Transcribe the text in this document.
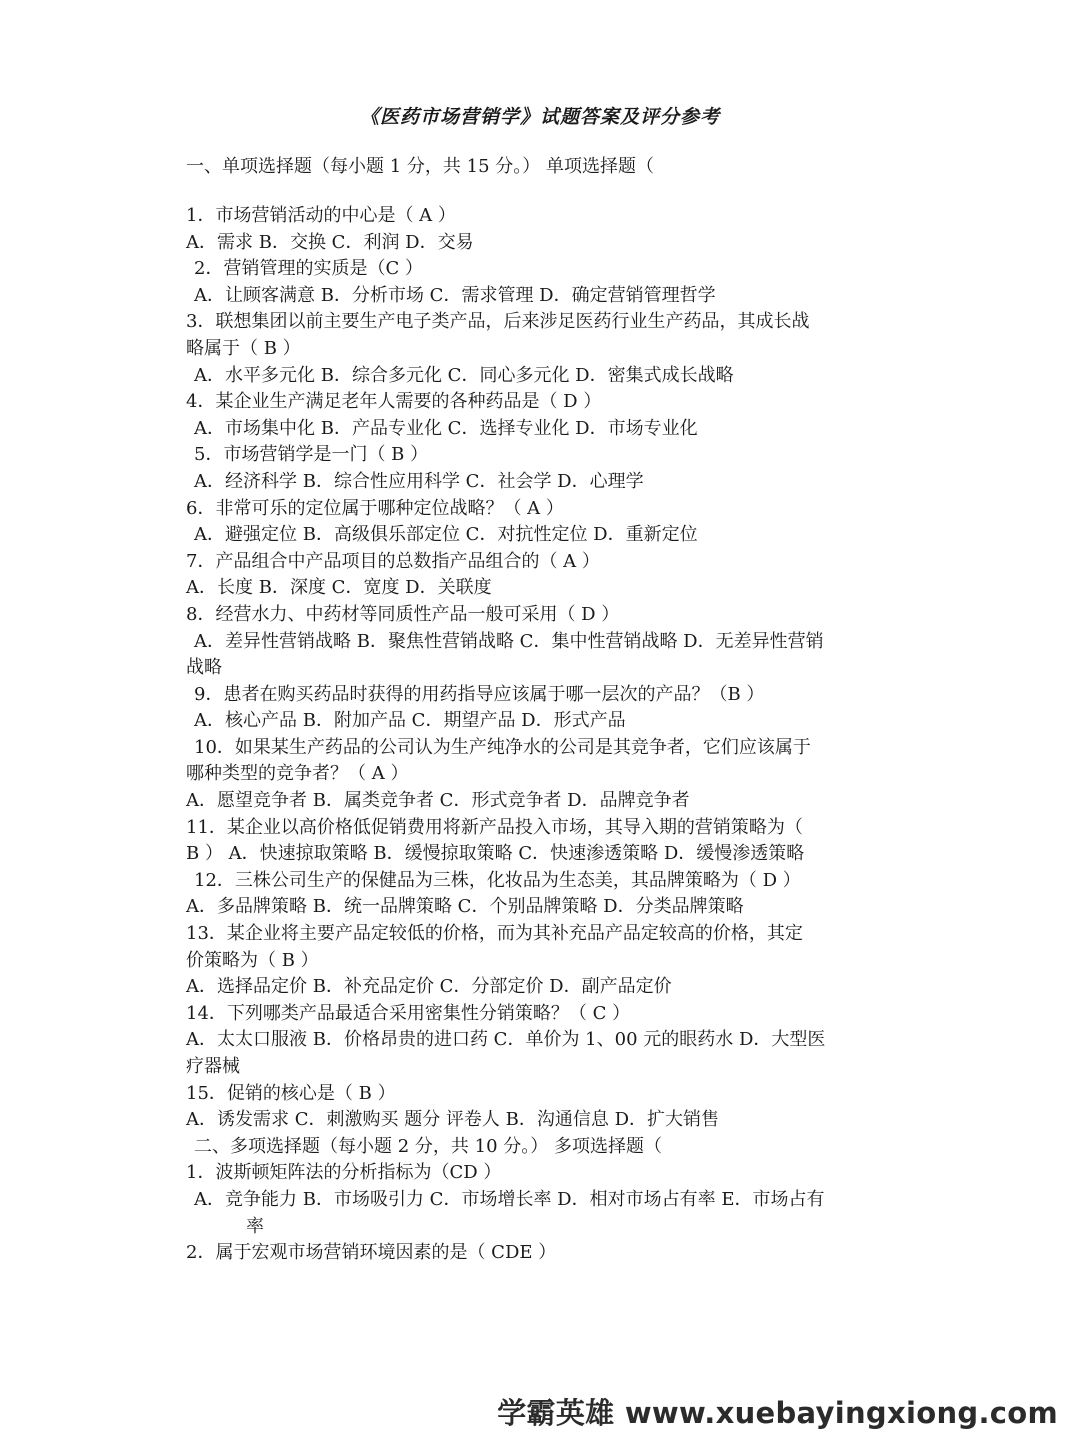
《医药市场营销学》试题答案及评分参考
一、单项选择题（每小题 1 分，共 15 分。） 单项选择题（
1．市场营销活动的中心是（ A ）
A．需求 B．交换 C．利润 D．交易
2．营销管理的实质是（C ）
A．让顾客满意 B．分析市场 C．需求管理 D．确定营销管理哲学
3．联想集团以前主要生产电子类产品，后来涉足医药行业生产药品，其成长战
略属于（ B ）
A．水平多元化 B．综合多元化 C．同心多元化 D．密集式成长战略
4．某企业生产满足老年人需要的各种药品是（ D ）
A．市场集中化 B．产品专业化 C．选择专业化 D．市场专业化
5．市场营销学是一门（ B ）
A．经济科学 B．综合性应用科学 C．社会学 D．心理学
6．非常可乐的定位属于哪种定位战略？（ A ）
A．避强定位 B．高级俱乐部定位 C．对抗性定位 D．重新定位
7．产品组合中产品项目的总数指产品组合的（ A ）
A．长度 B．深度 C．宽度 D．关联度
8．经营水力、中药材等同质性产品一般可采用（ D ）
A．差异性营销战略 B．聚焦性营销战略 C．集中性营销战略 D．无差异性营销
战略
9．患者在购买药品时获得的用药指导应该属于哪一层次的产品？（B ）
A．核心产品 B．附加产品 C．期望产品 D．形式产品
10．如果某生产药品的公司认为生产纯净水的公司是其竞争者，它们应该属于
哪种类型的竞争者？（ A ）
A．愿望竞争者 B．属类竞争者 C．形式竞争者 D．品牌竞争者
11．某企业以高价格低促销费用将新产品投入市场，其导入期的营销策略为（
B ） A．快速掠取策略 B．缓慢掠取策略 C．快速渗透策略 D．缓慢渗透策略
12．三株公司生产的保健品为三株，化妆品为生态美，其品牌策略为（ D ）
A．多品牌策略 B．统一品牌策略 C．个别品牌策略 D．分类品牌策略
13．某企业将主要产品定较低的价格，而为其补充品产品定较高的价格，其定
价策略为（ B ）
A．选择品定价 B．补充品定价 C．分部定价 D．副产品定价
14．下列哪类产品最适合采用密集性分销策略？（ C ）
A．太太口服液 B．价格昂贵的进口药 C．单价为 1、00 元的眼药水 D．大型医
疗器械
15．促销的核心是（ B ）
A．诱发需求 C．刺激购买 题分 评卷人 B．沟通信息 D．扩大销售
二、多项选择题（每小题 2 分，共 10 分。） 多项选择题（
1．波斯顿矩阵法的分析指标为（CD ）
A．竞争能力 B．市场吸引力 C．市场增长率 D．相对市场占有率 E．市场占有
率
2．属于宏观市场营销环境因素的是（ CDE ）
学霸英雄 www.xuebayingxiong.com
